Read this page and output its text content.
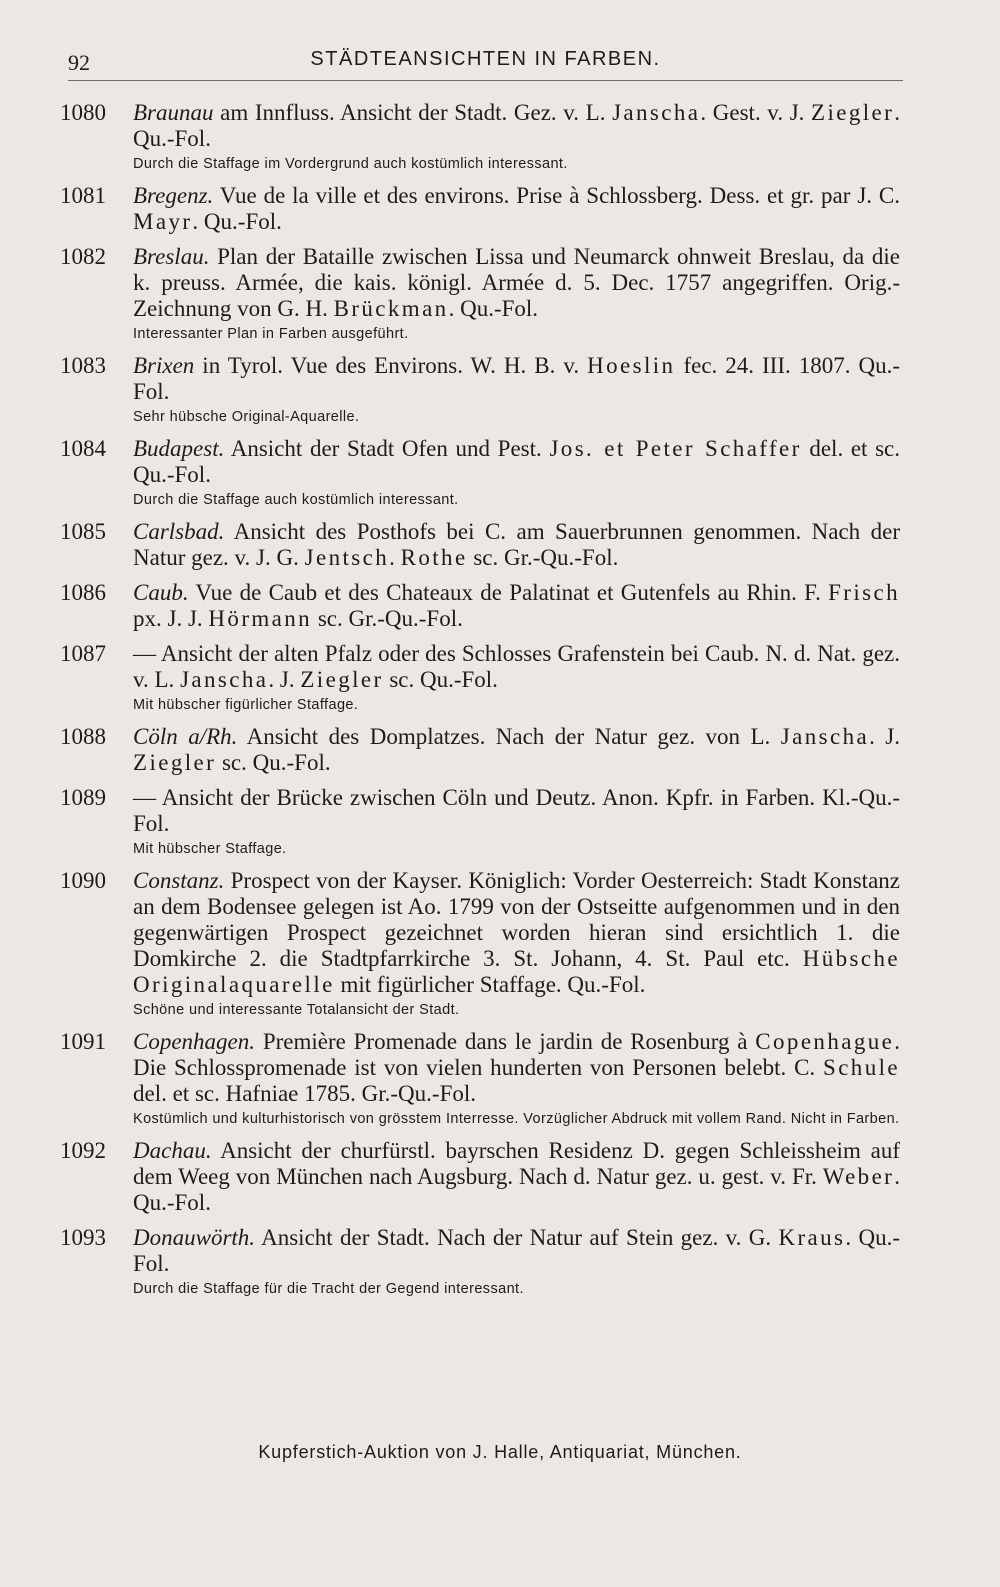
92	STÄDTEANSICHTEN IN FARBEN.
1080 Braunau am Innfluss. Ansicht der Stadt. Gez. v. L. Janscha. Gest. v. J. Ziegler. Qu.-Fol.
Durch die Staffage im Vordergrund auch kostümlich interessant.
1081 Bregenz. Vue de la ville et des environs. Prise à Schlossberg. Dess. et gr. par J. C. Mayr. Qu.-Fol.
1082 Breslau. Plan der Bataille zwischen Lissa und Neumarck ohnweit Breslau, da die k. preuss. Armée, die kais. königl. Armée d. 5. Dec. 1757 angegriffen. Orig.-Zeichnung von G. H. Brückman. Qu.-Fol.
Interessanter Plan in Farben ausgeführt.
1083 Brixen in Tyrol. Vue des Environs. W. H. B. v. Hoeslin fec. 24. III. 1807. Qu.-Fol.
Sehr hübsche Original-Aquarelle.
1084 Budapest. Ansicht der Stadt Ofen und Pest. Jos. et Peter Schaffer del. et sc. Qu.-Fol.
Durch die Staffage auch kostümlich interessant.
1085 Carlsbad. Ansicht des Posthofs bei C. am Sauerbrunnen genommen. Nach der Natur gez. v. J. G. Jentsch. Rothe sc. Gr.-Qu.-Fol.
1086 Caub. Vue de Caub et des Chateaux de Palatinat et Gutenfels au Rhin. F. Frisch px. J. J. Hörmann sc. Gr.-Qu.-Fol.
1087 — Ansicht der alten Pfalz oder des Schlosses Grafenstein bei Caub. N. d. Nat. gez. v. L. Janscha. J. Ziegler sc. Qu.-Fol.
Mit hübscher figürlicher Staffage.
1088 Cöln a/Rh. Ansicht des Domplatzes. Nach der Natur gez. von L. Janscha. J. Ziegler sc. Qu.-Fol.
1089 — Ansicht der Brücke zwischen Cöln und Deutz. Anon. Kpfr. in Farben. Kl.-Qu.-Fol.
Mit hübscher Staffage.
1090 Constanz. Prospect von der Kayser. Königlich: Vorder Oesterreich: Stadt Konstanz an dem Bodensee gelegen ist Ao. 1799 von der Ostseitte aufgenommen und in den gegenwärtigen Prospect gezeichnet worden hieran sind ersichtlich 1. die Domkirche 2. die Stadtpfarrkirche 3. St. Johann, 4. St. Paul etc. Hübsche Originalaquarelle mit figürlicher Staffage. Qu.-Fol.
Schöne und interessante Totalansicht der Stadt.
1091 Copenhagen. Première Promenade dans le jardin de Rosenburg à Copenhague. Die Schlosspromenade ist von vielen hunderten von Personen belebt. C. Schule del. et sc. Hafniae 1785. Gr.-Qu.-Fol.
Kostümlich und kulturhistorisch von grösstem Interresse. Vorzüglicher Abdruck mit vollem Rand. Nicht in Farben.
1092 Dachau. Ansicht der churfürstl. bayrschen Residenz D. gegen Schleissheim auf dem Weeg von München nach Augsburg. Nach d. Natur gez. u. gest. v. Fr. Weber. Qu.-Fol.
1093 Donauwörth. Ansicht der Stadt. Nach der Natur auf Stein gez. v. G. Kraus. Qu.-Fol.
Durch die Staffage für die Tracht der Gegend interessant.
Kupferstich-Auktion von J. Halle, Antiquariat, München.
